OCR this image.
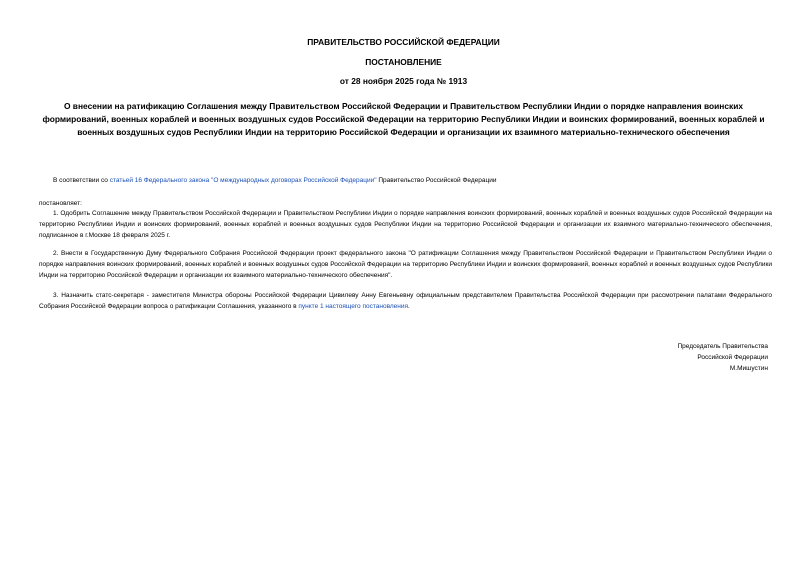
ПРАВИТЕЛЬСТВО РОССИЙСКОЙ ФЕДЕРАЦИИ
ПОСТАНОВЛЕНИЕ
от 28 ноября 2025 года № 1913
О внесении на ратификацию Соглашения между Правительством Российской Федерации и Правительством Республики Индии о порядке направления воинских формирований, военных кораблей и военных воздушных судов Российской Федерации на территорию Республики Индии и воинских формирований, военных кораблей и военных воздушных судов Республики Индии на территорию Российской Федерации и организации их взаимного материально-технического обеспечения
В соответствии со статьей 16 Федерального закона "О международных договорах Российской Федерации" Правительство Российской Федерации
постановляет:
1. Одобрить Соглашение между Правительством Российской Федерации и Правительством Республики Индии о порядке направления воинских формирований, военных кораблей и военных воздушных судов Российской Федерации на территорию Республики Индии и воинских формирований, военных кораблей и военных воздушных судов Республики Индии на территорию Российской Федерации и организации их взаимного материально-технического обеспечения, подписанное в г.Москве 18 февраля 2025 г.
2. Внести в Государственную Думу Федерального Собрания Российской Федерации проект федерального закона "О ратификации Соглашения между Правительством Российской Федерации и Правительством Республики Индии о порядке направления воинских формирований, военных кораблей и военных воздушных судов Российской Федерации на территорию Республики Индии и воинских формирований, военных кораблей и военных воздушных судов Республики Индии на территорию Российской Федерации и организации их взаимного материально-технического обеспечения".
3. Назначить статс-секретаря - заместителя Министра обороны Российской Федерации Цивилеву Анну Евгеньевну официальным представителем Правительства Российской Федерации при рассмотрении палатами Федерального Собрания Российской Федерации вопроса о ратификации Соглашения, указанного в пункте 1 настоящего постановления.
Председатель Правительства
Российской Федерации
М.Мишустин
